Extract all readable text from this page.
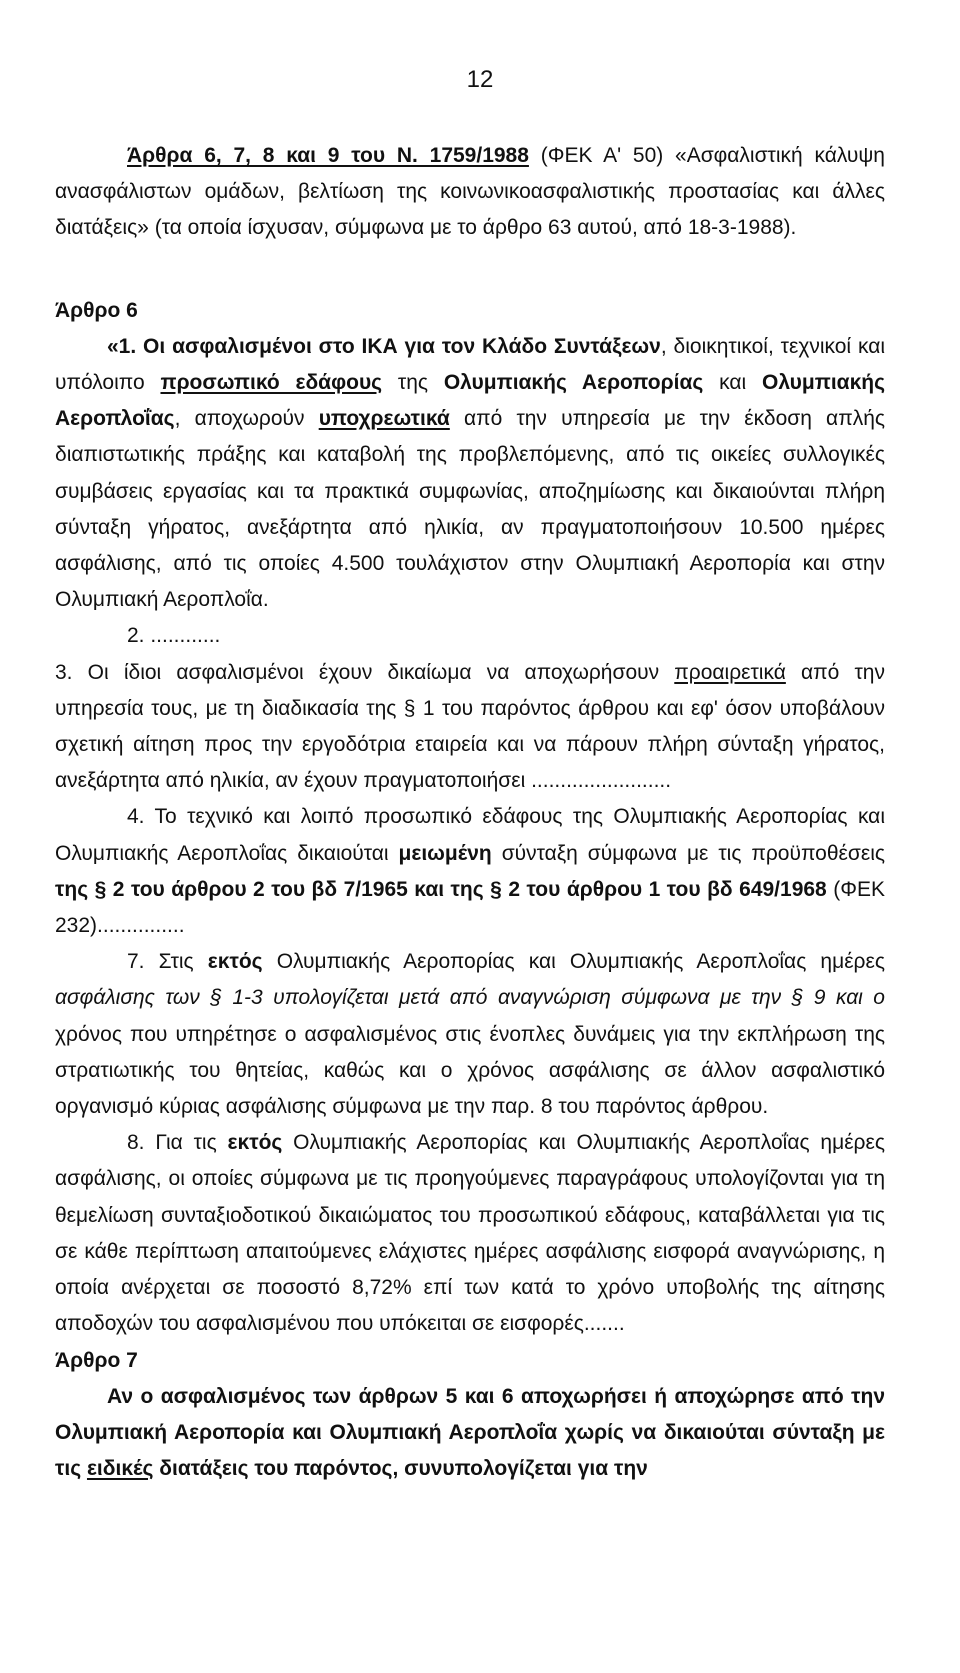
12

Άρθρα 6, 7, 8 και 9 του Ν. 1759/1988 (ΦΕΚ Α' 50) «Ασφαλιστική κάλυψη ανασφάλιστων ομάδων, βελτίωση της κοινωνικοασφαλιστικής προστασίας και άλλες διατάξεις» (τα οποία ίσχυσαν, σύμφωνα με το άρθρο 63 αυτού, από 18-3-1988).

Άρθρο 6

«1. Οι ασφαλισμένοι στο ΙΚΑ για τον Κλάδο Συντάξεων, διοικητικοί, τεχνικοί και υπόλοιπο προσωπικό εδάφους της Ολυμπιακής Αεροπορίας και Ολυμπιακής Αεροπλοΐας, αποχωρούν υποχρεωτικά από την υπηρεσία με την έκδοση απλής διαπιστωτικής πράξης και καταβολή της προβλεπόμενης, από τις οικείες συλλογικές συμβάσεις εργασίας και τα πρακτικά συμφωνίας, αποζημίωσης και δικαιούνται πλήρη σύνταξη γήρατος, ανεξάρτητα από ηλικία, αν πραγματοποιήσουν 10.500 ημέρες ασφάλισης, από τις οποίες 4.500 τουλάχιστον στην Ολυμπιακή Αεροπορία και στην Ολυμπιακή Αεροπλοΐα.

2. ............

3. Οι ίδιοι ασφαλισμένοι έχουν δικαίωμα να αποχωρήσουν προαιρετικά από την υπηρεσία τους, με τη διαδικασία της § 1 του παρόντος άρθρου και εφ' όσον υποβάλουν σχετική αίτηση προς την εργοδότρια εταιρεία και να πάρουν πλήρη σύνταξη γήρατος, ανεξάρτητα από ηλικία, αν έχουν πραγματοποιήσει ........................

4. Το τεχνικό και λοιπό προσωπικό εδάφους της Ολυμπιακής Αεροπορίας και Ολυμπιακής Αεροπλοΐας δικαιούται μειωμένη σύνταξη σύμφωνα με τις προϋποθέσεις της § 2 του άρθρου 2 του βδ 7/1965 και της § 2 του άρθρου 1 του βδ 649/1968 (ΦΕΚ 232)...............

7. Στις εκτός Ολυμπιακής Αεροπορίας και Ολυμπιακής Αεροπλοΐας ημέρες ασφάλισης των § 1-3 υπολογίζεται μετά από αναγνώριση σύμφωνα με την § 9 και ο χρόνος που υπηρέτησε ο ασφαλισμένος στις ένοπλες δυνάμεις για την εκπλήρωση της στρατιωτικής του θητείας, καθώς και ο χρόνος ασφάλισης σε άλλον ασφαλιστικό οργανισμό κύριας ασφάλισης σύμφωνα με την παρ. 8 του παρόντος άρθρου.

8. Για τις εκτός Ολυμπιακής Αεροπορίας και Ολυμπιακής Αεροπλοΐας ημέρες ασφάλισης, οι οποίες σύμφωνα με τις προηγούμενες παραγράφους υπολογίζονται για τη θεμελίωση συνταξιοδοτικού δικαιώματος του προσωπικού εδάφους, καταβάλλεται για τις σε κάθε περίπτωση απαιτούμενες ελάχιστες ημέρες ασφάλισης εισφορά αναγνώρισης, η οποία ανέρχεται σε ποσοστό 8,72% επί των κατά το χρόνο υποβολής της αίτησης αποδοχών του ασφαλισμένου που υπόκειται σε εισφορές.......

Άρθρο 7

Αν ο ασφαλισμένος των άρθρων 5 και 6 αποχωρήσει ή αποχώρησε από την Ολυμπιακή Αεροπορία και Ολυμπιακή Αεροπλοΐα χωρίς να δικαιούται σύνταξη με τις ειδικές διατάξεις του παρόντος, συνυπολογίζεται για την
